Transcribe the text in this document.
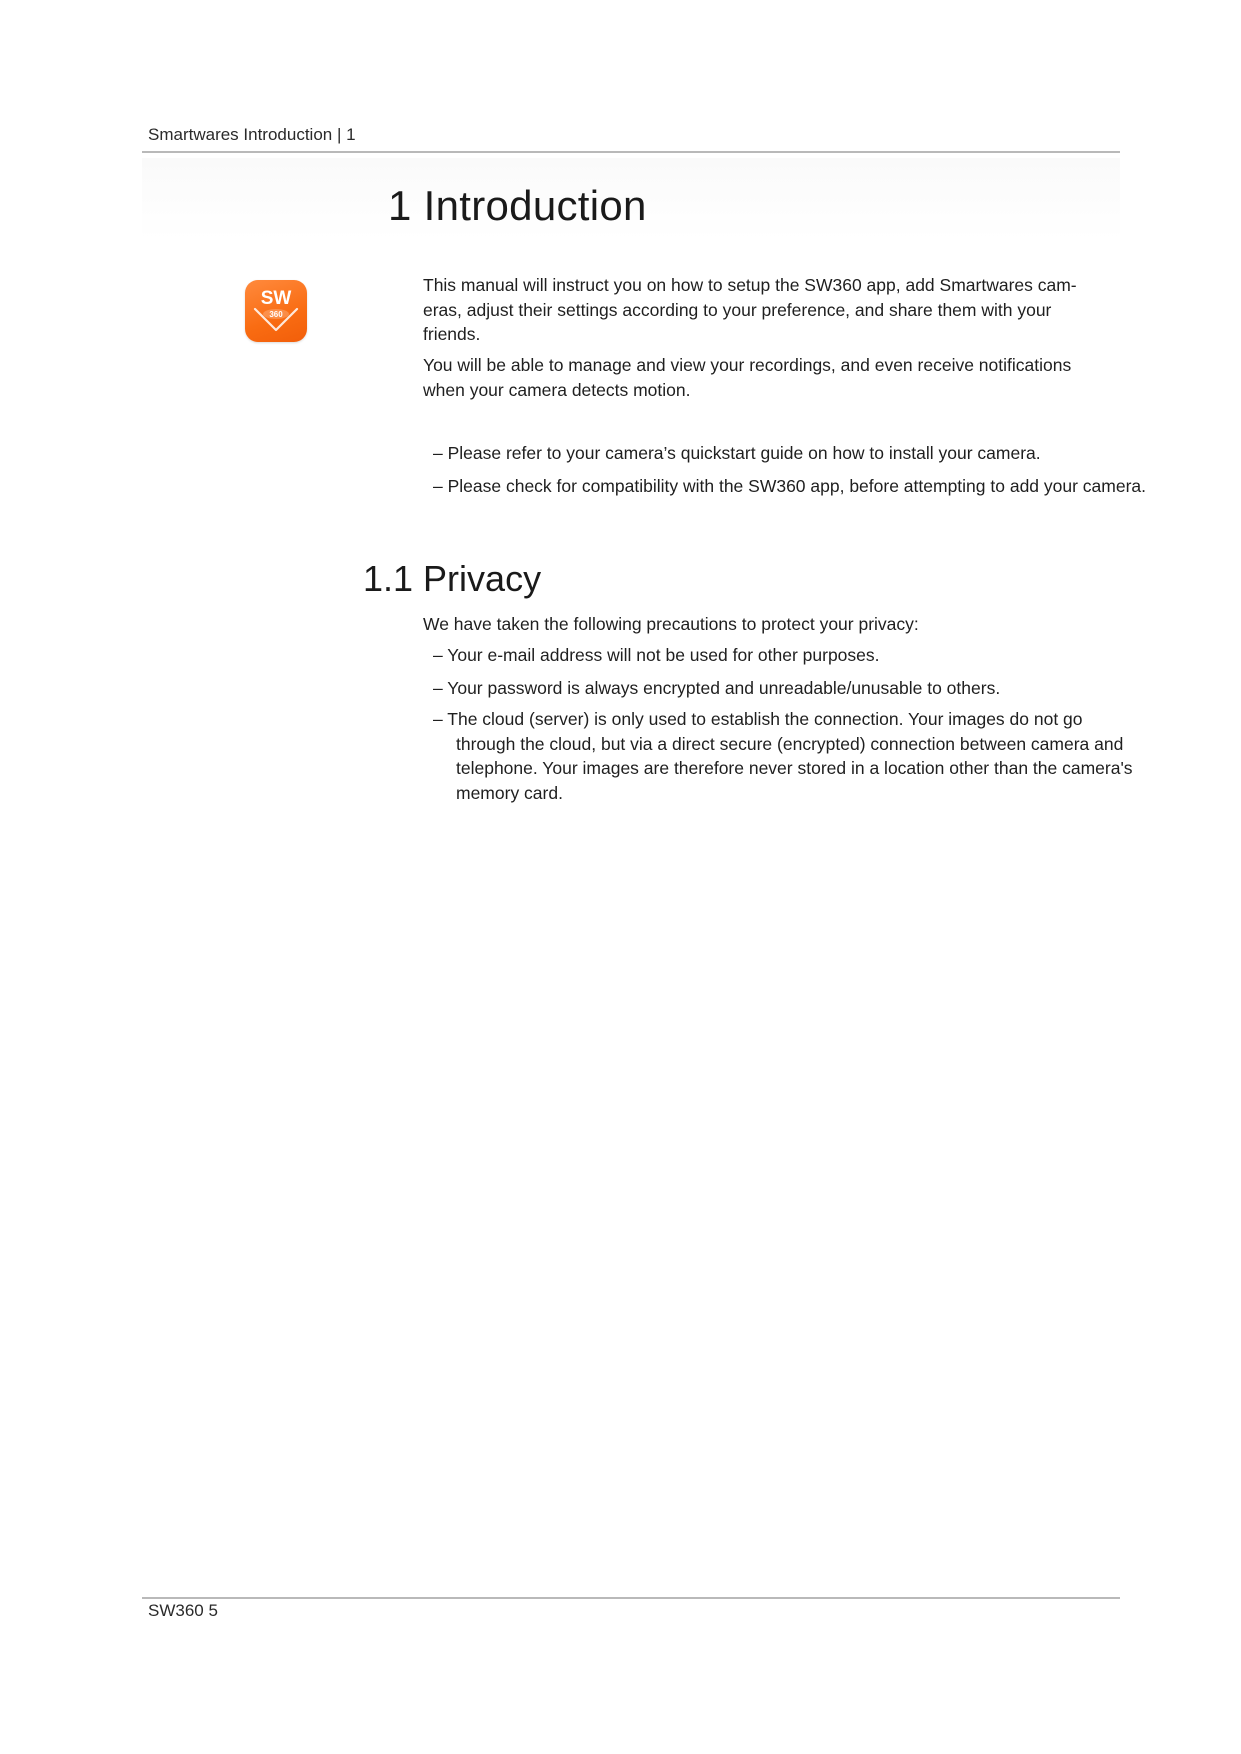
Smartwares Introduction | 1
1 Introduction
SW
360

This manual will instruct you on how to setup the SW360 app, add Smartwares cam-eras, adjust their settings according to your preference, and share them with your friends.

You will be able to manage and view your recordings, and even receive notifications when your camera detects motion.

– Please refer to your camera’s quickstart guide on how to install your camera.

– Please check for compatibility with the SW360 app, before attempting to add your camera.

1.1 Privacy

We have taken the following precautions to protect your privacy:

– Your e-mail address will not be used for other purposes.

– Your password is always encrypted and unreadable/unusable to others.

– The cloud (server) is only used to establish the connection. Your images do not go through the cloud, but via a direct secure (encrypted) connection between camera and telephone. Your images are therefore never stored in a location other than the camera's memory card.

SW360 5
